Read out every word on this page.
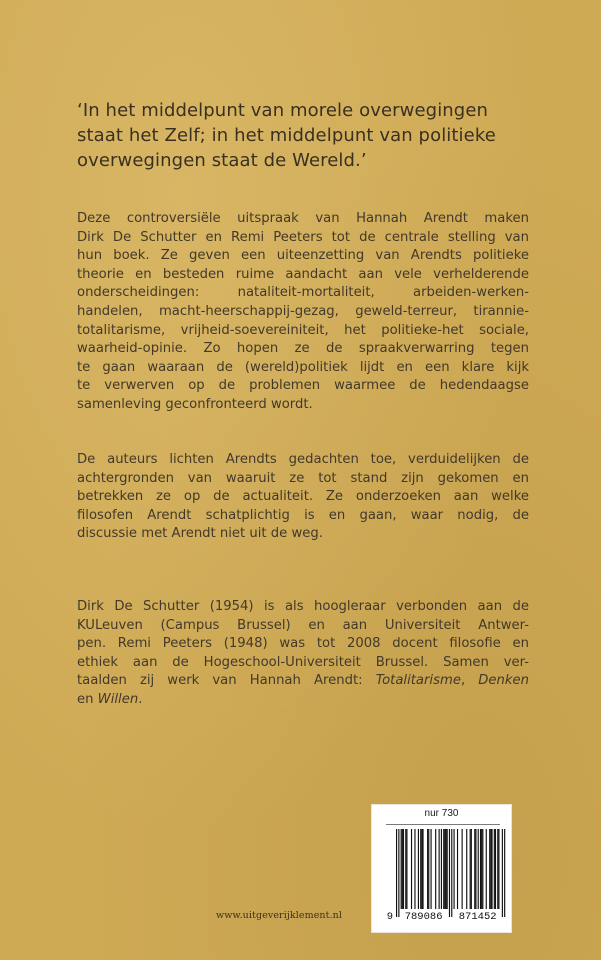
‘In het middelpunt van morele overwegingen
staat het Zelf; in het middelpunt van politieke
overwegingen staat de Wereld.’
Deze controversiële uitspraak van Hannah Arendt maken
Dirk De Schutter en Remi Peeters tot de centrale stelling van
hun boek. Ze geven een uiteenzetting van Arendts politieke
theorie en besteden ruime aandacht aan vele verhelderende
onderscheidingen: nataliteit-mortaliteit, arbeiden-werken-
handelen, macht-heerschappij-gezag, geweld-terreur, tirannie-
totalitarisme, vrijheid-soevereiniteit, het politieke-het sociale,
waarheid-opinie. Zo hopen ze de spraakverwarring tegen
te gaan waaraan de (wereld)politiek lijdt en een klare kijk
te verwerven op de problemen waarmee de hedendaagse
samenleving geconfronteerd wordt.
De auteurs lichten Arendts gedachten toe, verduidelijken de
achtergronden van waaruit ze tot stand zijn gekomen en
betrekken ze op de actualiteit. Ze onderzoeken aan welke
filosofen Arendt schatplichtig is en gaan, waar nodig, de
discussie met Arendt niet uit de weg.
Dirk De Schutter (1954) is als hoogleraar verbonden aan de
KULeuven (Campus Brussel) en aan Universiteit Antwer-
pen. Remi Peeters (1948) was tot 2008 docent filosofie en
ethiek aan de Hogeschool-Universiteit Brussel. Samen ver-
taalden zij werk van Hannah Arendt: Totalitarisme, Denken
en Willen.
www.uitgeverijklement.nl
nur 730
9 789086 871452
